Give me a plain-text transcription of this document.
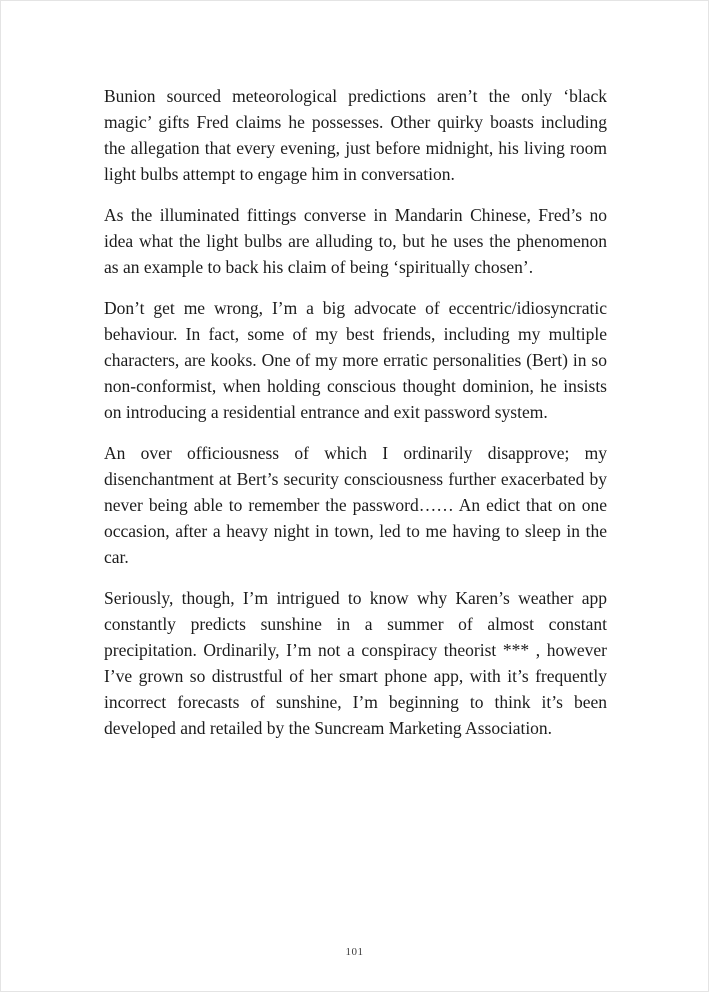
Bunion sourced meteorological predictions aren’t the only ‘black magic’ gifts Fred claims he possesses. Other quirky boasts including the allegation that every evening, just before midnight, his living room light bulbs attempt to engage him in conversation.

As the illuminated fittings converse in Mandarin Chinese, Fred’s no idea what the light bulbs are alluding to, but he uses the phenomenon as an example to back his claim of being ‘spiritually chosen’.

Don’t get me wrong, I’m a big advocate of eccentric/idiosyncratic behaviour. In fact, some of my best friends, including my multiple characters, are kooks. One of my more erratic personalities (Bert) in so non-conformist, when holding conscious thought dominion, he insists on introducing a residential entrance and exit password system.

An over officiousness of which I ordinarily disapprove; my disenchantment at Bert’s security consciousness further exacerbated by never being able to remember the password…… An edict that on one occasion, after a heavy night in town, led to me having to sleep in the car.

Seriously, though, I’m intrigued to know why Karen’s weather app constantly predicts sunshine in a summer of almost constant precipitation. Ordinarily, I’m not a conspiracy theorist *** , however I’ve grown so distrustful of her smart phone app, with it’s frequently incorrect forecasts of sunshine, I’m beginning to think it’s been developed and retailed by the Suncream Marketing Association.

101
